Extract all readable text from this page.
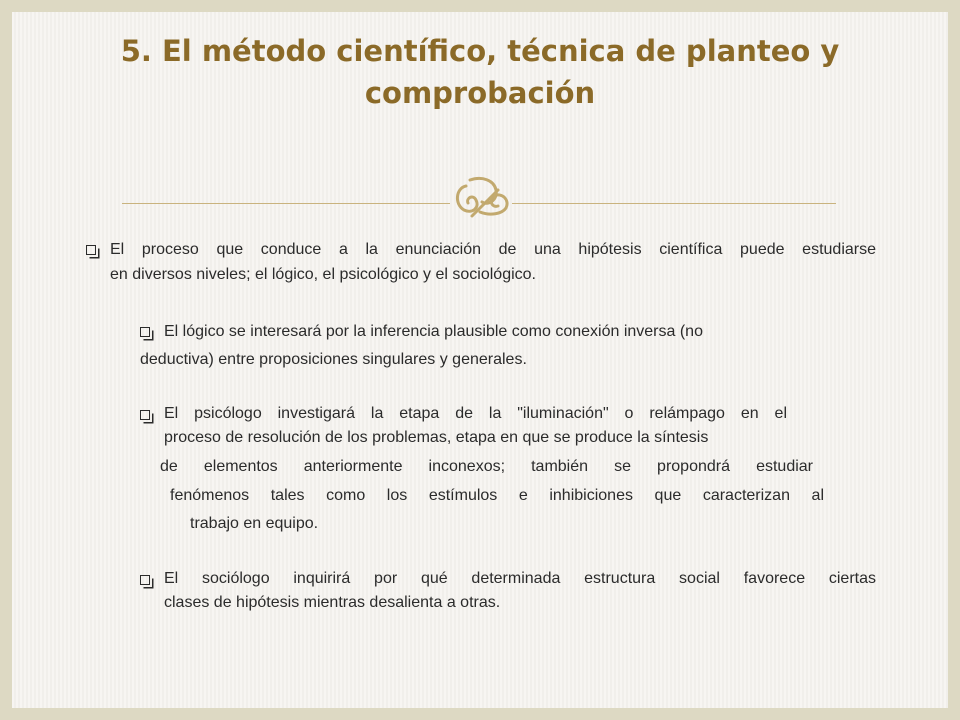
5. El método científico, técnica de planteo y
comprobación
El proceso que conduce a la enunciación de una hipótesis científica puede estudiarse
en diversos niveles; el lógico, el psicológico y el sociológico.
El lógico se interesará por la inferencia plausible como conexión inversa (no
deductiva) entre proposiciones singulares y generales.
El psicólogo investigará la etapa de la "iluminación" o relámpago en el
proceso de resolución de los problemas, etapa en que se produce la síntesis
de elementos anteriormente inconexos; también se propondrá estudiar
fenómenos tales como los estímulos e inhibiciones que caracterizan al
trabajo en equipo.
El sociólogo inquirirá por qué determinada estructura social favorece ciertas
clases de hipótesis mientras desalienta a otras.
